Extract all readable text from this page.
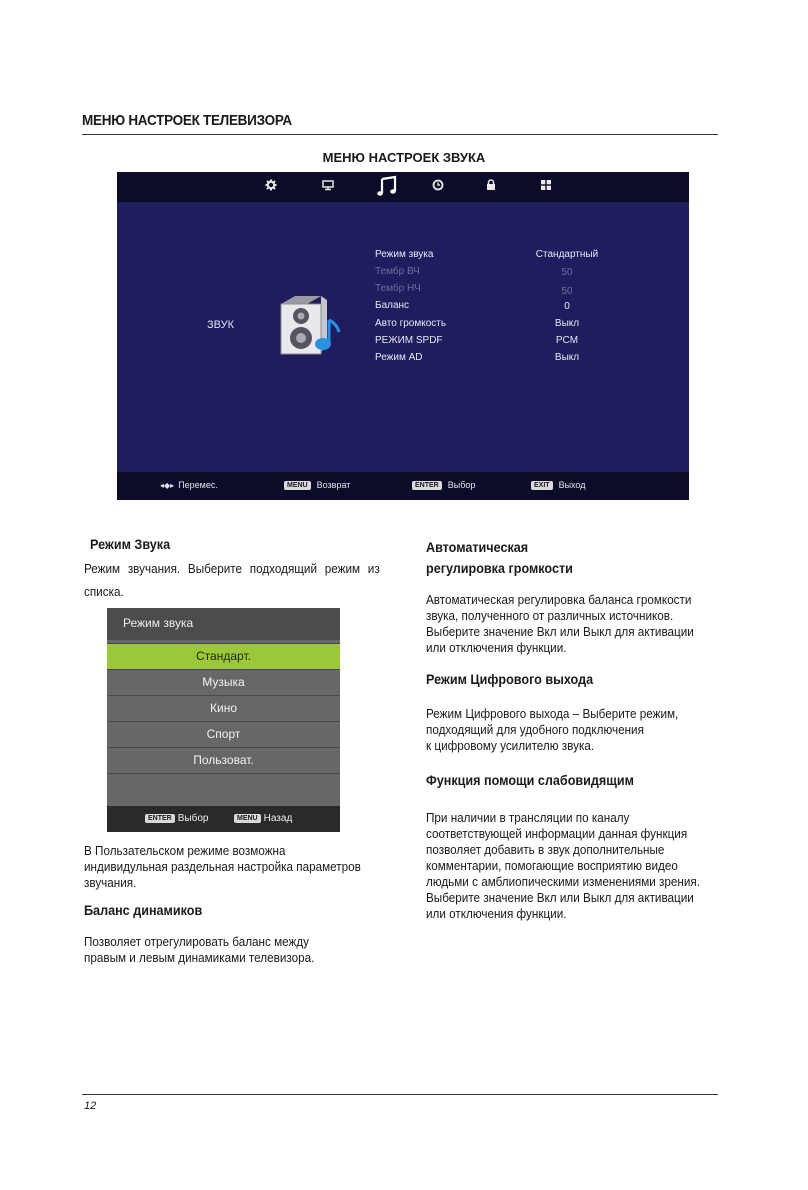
МЕНЮ НАСТРОЕК ТЕЛЕВИЗОРА
МЕНЮ НАСТРОЕК ЗВУКА
ЗВУК
Режим звука	Стандартный
Тембр ВЧ	50
Тембр НЧ	50
Баланс	0
Авто громкость	Выкл
РЕЖИМ SPDF	PCM
Режим AD	Выкл
◂◆▸ Перемес.	MENU Возврат	ENTER Выбор	EXIT Выход
Режим Звука
Режим звучания. Выберите подходящий режим из
списка.
Режим звука
Стандарт.
Музыка
Кино
Спорт
Пользоват.
ENTER Выбор	MENU Назад
В Пользательском режиме возможна
индивидульная раздельная настройка параметров
звучания.
Баланс динамиков
Позволяет отрегулировать баланс между
правым и левым динамиками телевизора.
Автоматическая
регулировка громкости
Автоматическая регулировка баланса громкости
звука, полученного от различных источников.
Выберите значение Вкл или Выкл для активации
или отключения функции.
Режим Цифрового выхода
Режим Цифрового выхода – Выберите режим,
подходящий для удобного подключения
к цифровому усилителю звука.
Функция помощи слабовидящим
При наличии в трансляции по каналу
соответствующей информации данная функция
позволяет добавить в звук дополнительные
комментарии, помогающие восприятию видео
людьми с амблиопическими изменениями зрения.
Выберите значение Вкл или Выкл для активации
или отключения функции.
12
